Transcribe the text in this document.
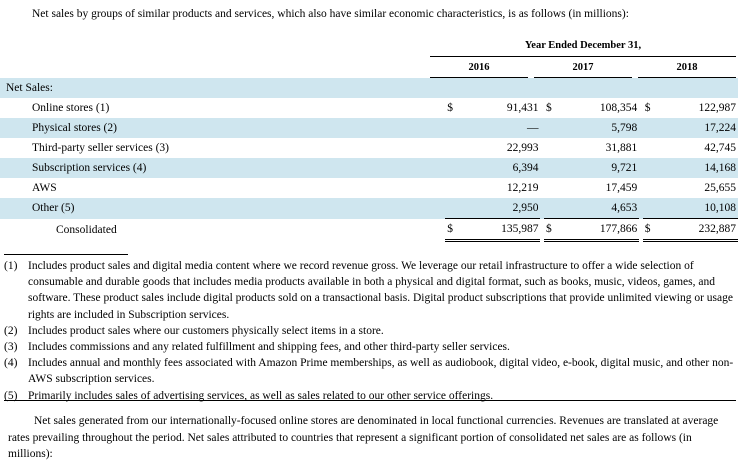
Net sales by groups of similar products and services, which also have similar economic characteristics, is as follows (in millions):
Year Ended December 31,
2016	2017	2018
Net Sales:								
Online stores (1)	$	91,431		$	108,354		$	122,987
Physical stores (2)		—			5,798			17,224
Third-party seller services (3)		22,993			31,881			42,745
Subscription services (4)		6,394			9,721			14,168
AWS		12,219			17,459			25,655
Other (5)		2,950			4,653			10,108
Consolidated	$	135,987		$	177,866		$	232,887
(1) Includes product sales and digital media content where we record revenue gross. We leverage our retail infrastructure to offer a wide selection of consumable and durable goods that includes media products available in both a physical and digital format, such as books, music, videos, games, and software. These product sales include digital products sold on a transactional basis. Digital product subscriptions that provide unlimited viewing or usage rights are included in Subscription services.
(2) Includes product sales where our customers physically select items in a store.
(3) Includes commissions and any related fulfillment and shipping fees, and other third-party seller services.
(4) Includes annual and monthly fees associated with Amazon Prime memberships, as well as audiobook, digital video, e-book, digital music, and other non-AWS subscription services.
(5) Primarily includes sales of advertising services, as well as sales related to our other service offerings.
Net sales generated from our internationally-focused online stores are denominated in local functional currencies. Revenues are translated at average rates prevailing throughout the period. Net sales attributed to countries that represent a significant portion of consolidated net sales are as follows (in millions):
